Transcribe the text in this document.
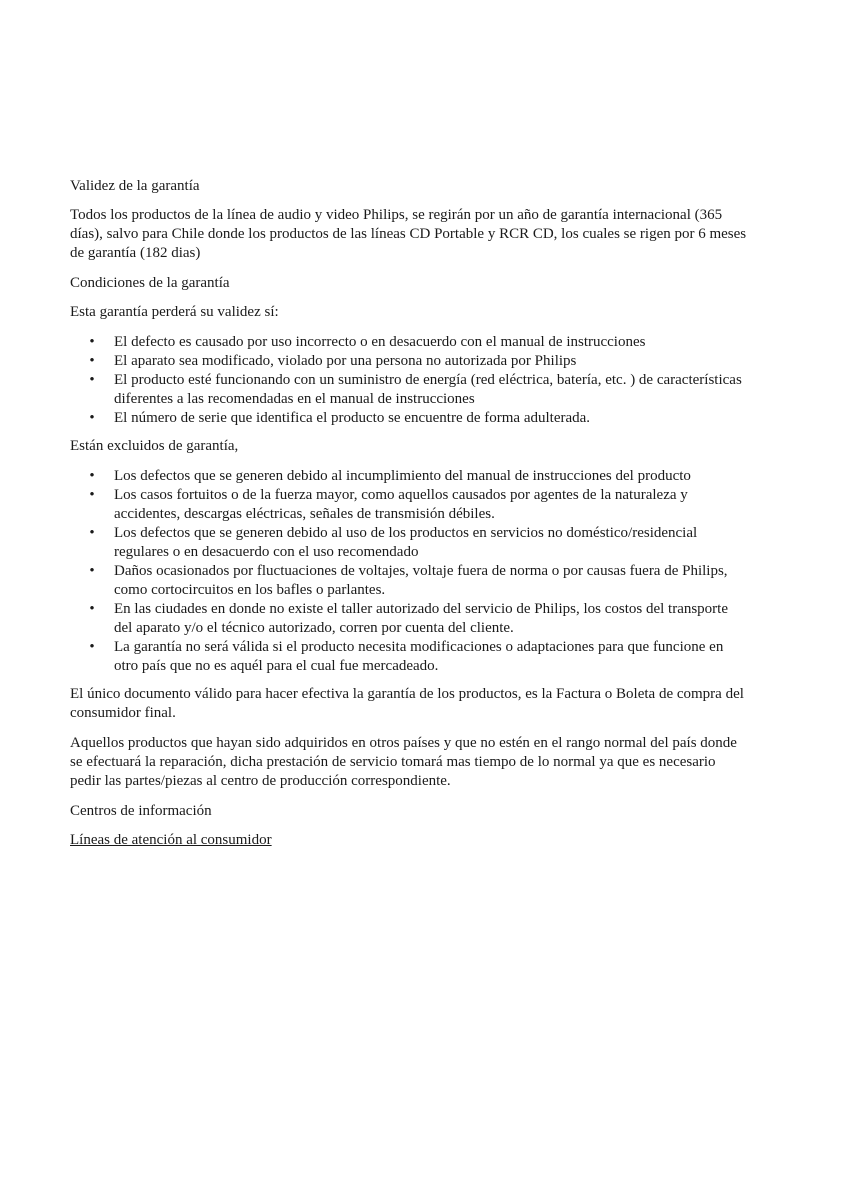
Validez de la garantía

Todos los productos de la línea de audio y video Philips, se regirán por un año de garantía internacional (365 días), salvo para Chile donde los productos de las líneas CD Portable y RCR CD, los cuales se rigen por 6 meses de garantía (182 dias)

Condiciones de la garantía

Esta garantía perderá su validez sí:

• El defecto es causado por uso incorrecto o en desacuerdo con el manual de instrucciones
• El aparato sea modificado, violado por una persona no autorizada por Philips
• El producto esté funcionando con un suministro de energía (red eléctrica, batería, etc. ) de características diferentes a las recomendadas en el manual de instrucciones
• El número de serie que identifica el producto se encuentre de forma adulterada.

Están excluidos de garantía,

• Los defectos que se generen debido al incumplimiento del manual de instrucciones del producto
• Los casos fortuitos o de la fuerza mayor, como aquellos causados por agentes de la naturaleza y accidentes, descargas eléctricas, señales de transmisión débiles.
• Los defectos que se generen debido al uso de los productos en servicios no doméstico/residencial regulares o en desacuerdo con el uso recomendado
• Daños ocasionados por fluctuaciones de voltajes, voltaje fuera de norma o por causas fuera de Philips, como cortocircuitos en los bafles o parlantes.
• En las ciudades en donde no existe el taller autorizado del servicio de Philips, los costos del transporte del aparato y/o el técnico autorizado, corren por cuenta del cliente.
• La garantía no será válida si el producto necesita modificaciones o adaptaciones para que funcione en otro país que no es aquél para el cual fue mercadeado.

El único documento válido para hacer efectiva la garantía de los productos, es la Factura o Boleta de compra del consumidor final.

Aquellos productos que hayan sido adquiridos en otros países y que no estén en el rango normal del país donde se efectuará la reparación, dicha prestación de servicio tomará mas tiempo de lo normal ya que es necesario pedir las partes/piezas al centro de producción correspondiente.

Centros de información

Líneas de atención al consumidor
